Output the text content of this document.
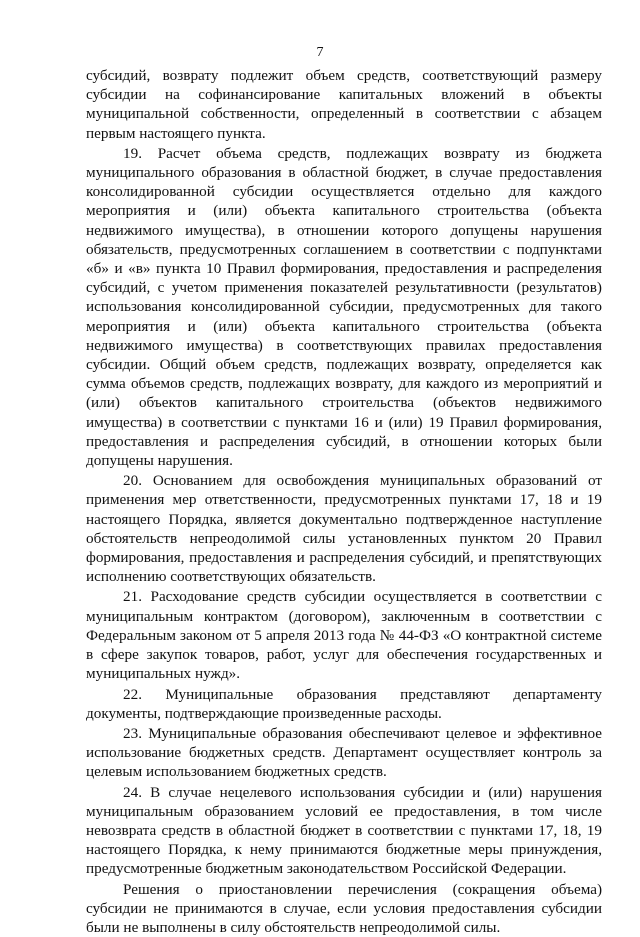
7

субсидий, возврату подлежит объем средств, соответствующий размеру субсидии на софинансирование капитальных вложений в объекты муниципальной собственности, определенный в соответствии с абзацем первым настоящего пункта.

19. Расчет объема средств, подлежащих возврату из бюджета муниципального образования в областной бюджет, в случае предоставления консолидированной субсидии осуществляется отдельно для каждого мероприятия и (или) объекта капитального строительства (объекта недвижимого имущества), в отношении которого допущены нарушения обязательств, предусмотренных соглашением в соответствии с подпунктами «б» и «в» пункта 10 Правил формирования, предоставления и распределения субсидий, с учетом применения показателей результативности (результатов) использования консолидированной субсидии, предусмотренных для такого мероприятия и (или) объекта капитального строительства (объекта недвижимого имущества) в соответствующих правилах предоставления субсидии. Общий объем средств, подлежащих возврату, определяется как сумма объемов средств, подлежащих возврату, для каждого из мероприятий и (или) объектов капитального строительства (объектов недвижимого имущества) в соответствии с пунктами 16 и (или) 19 Правил формирования, предоставления и распределения субсидий, в отношении которых были допущены нарушения.

20. Основанием для освобождения муниципальных образований от применения мер ответственности, предусмотренных пунктами 17, 18 и 19 настоящего Порядка, является документально подтвержденное наступление обстоятельств непреодолимой силы установленных пунктом 20 Правил формирования, предоставления и распределения субсидий, и препятствующих исполнению соответствующих обязательств.

21. Расходование средств субсидии осуществляется в соответствии с муниципальным контрактом (договором), заключенным в соответствии с Федеральным законом от 5 апреля 2013 года № 44-ФЗ «О контрактной системе в сфере закупок товаров, работ, услуг для обеспечения государственных и муниципальных нужд».

22. Муниципальные образования представляют департаменту документы, подтверждающие произведенные расходы.

23. Муниципальные образования обеспечивают целевое и эффективное использование бюджетных средств. Департамент осуществляет контроль за целевым использованием бюджетных средств.

24. В случае нецелевого использования субсидии и (или) нарушения муниципальным образованием условий ее предоставления, в том числе невозврата средств в областной бюджет в соответствии с пунктами 17, 18, 19 настоящего Порядка, к нему принимаются бюджетные меры принуждения, предусмотренные бюджетным законодательством Российской Федерации.

Решения о приостановлении перечисления (сокращения объема) субсидии не принимаются в случае, если условия предоставления субсидии были не выполнены в силу обстоятельств непреодолимой силы.
